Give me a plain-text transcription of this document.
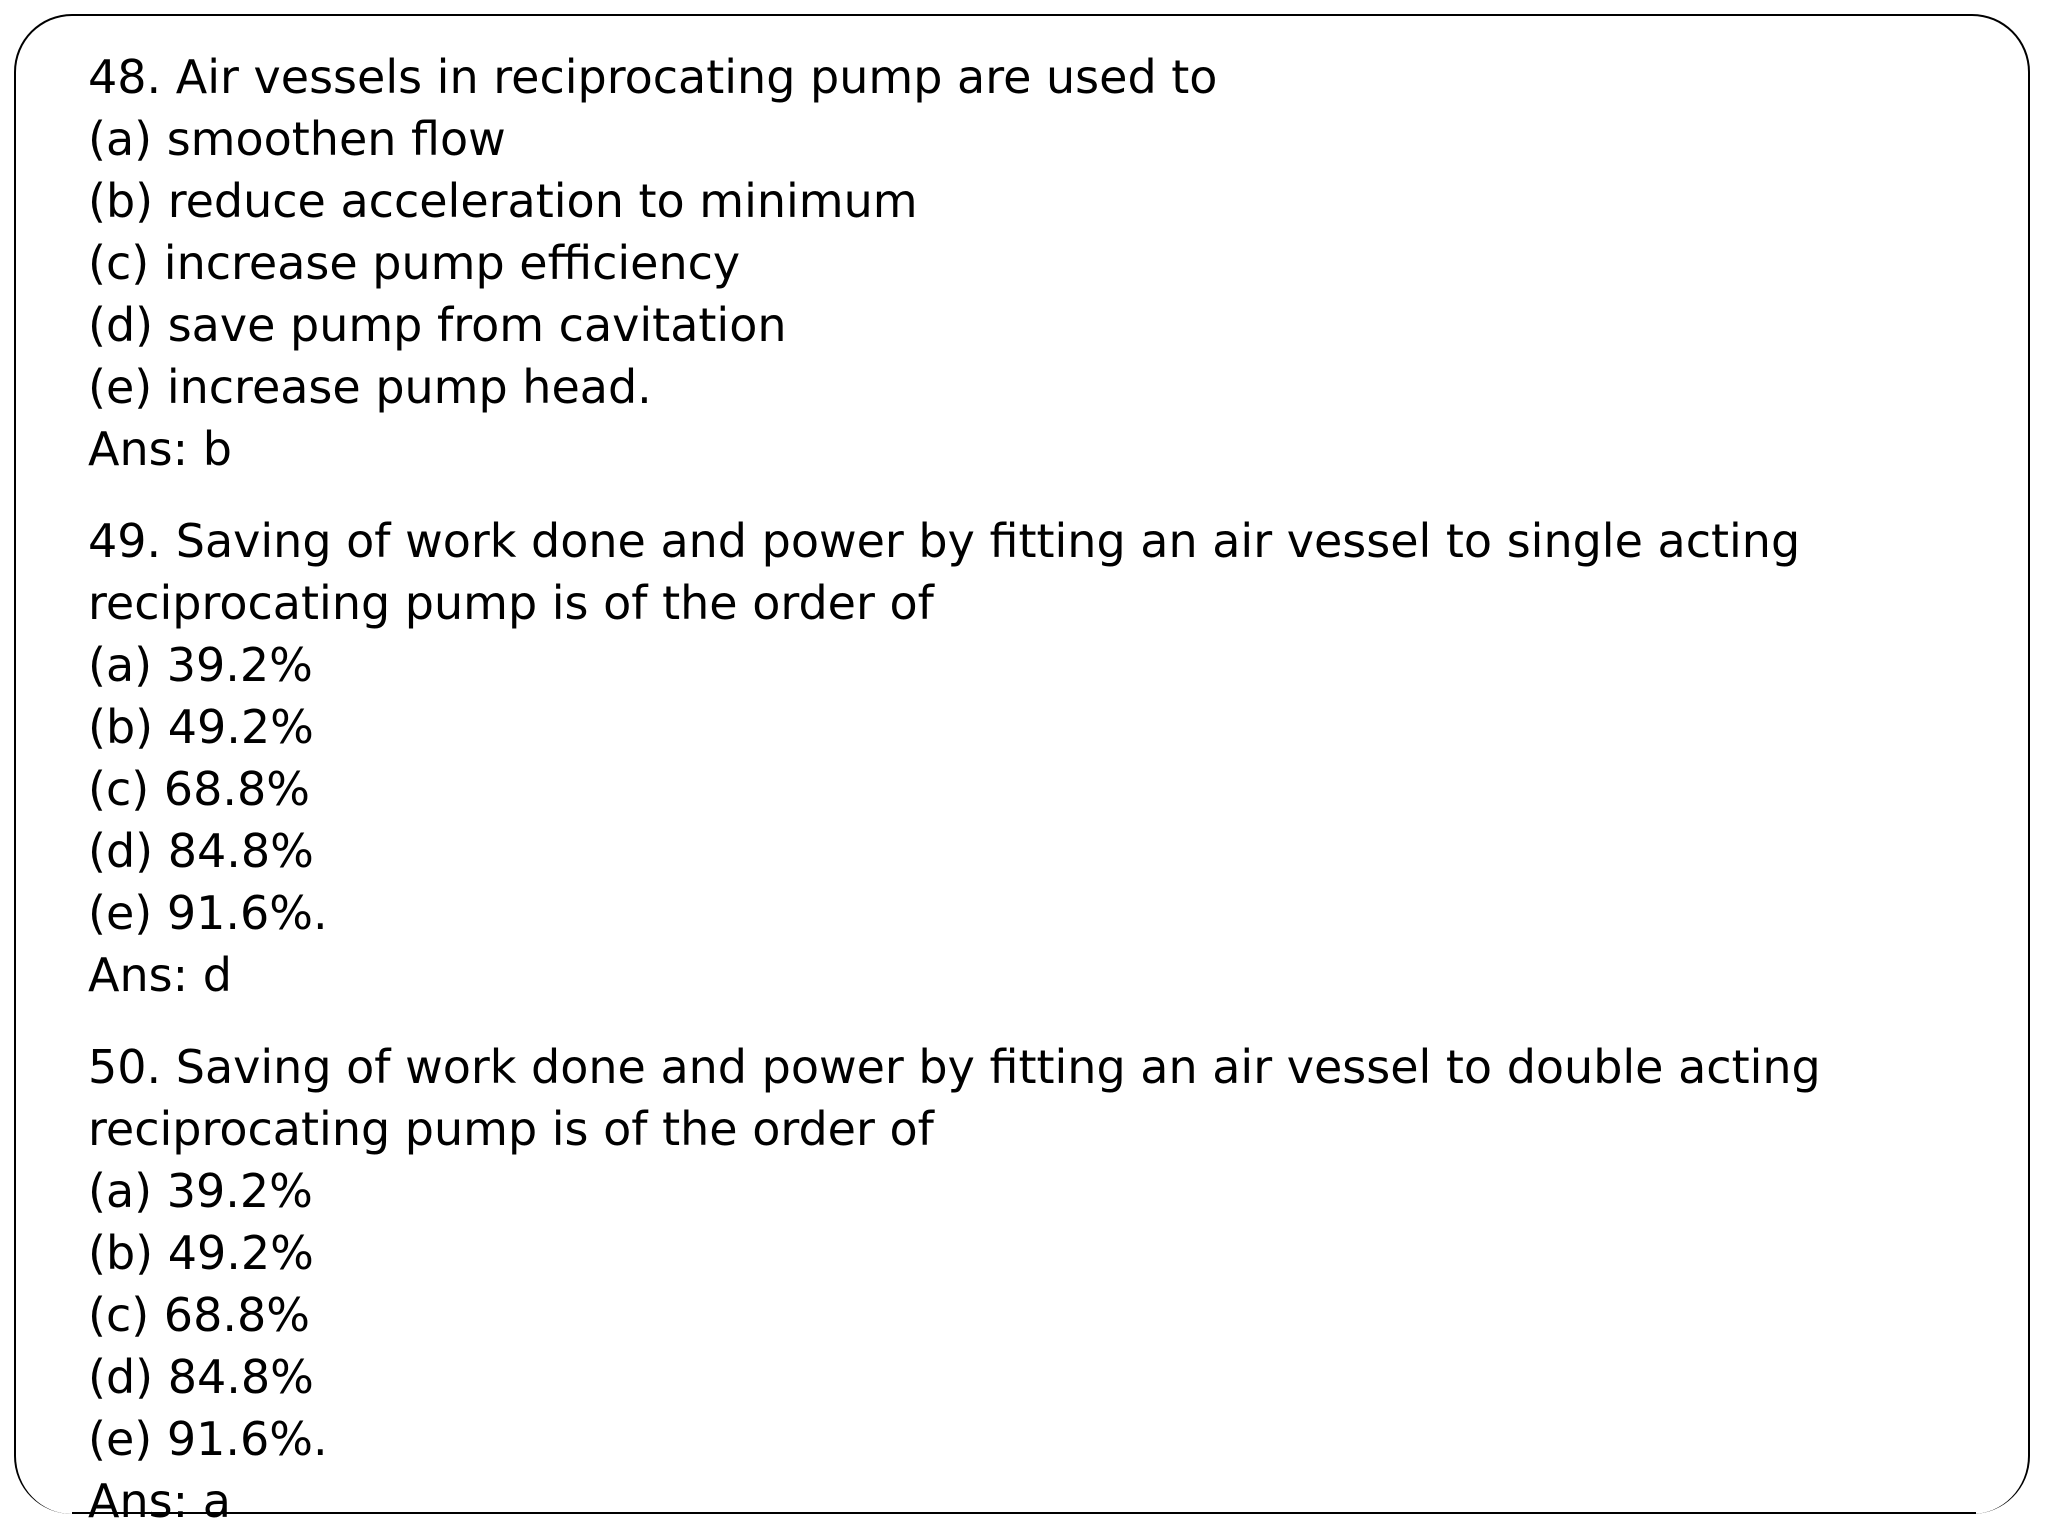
48. Air vessels in reciprocating pump are used to
(a) smoothen flow
(b) reduce acceleration to minimum
(c) increase pump efficiency
(d) save pump from cavitation
(e) increase pump head.
Ans: b
49. Saving of work done and power by fitting an air vessel to single acting
reciprocating pump is of the order of
(a) 39.2%
(b) 49.2%
(c) 68.8%
(d) 84.8%
(e) 91.6%.
Ans: d
50. Saving of work done and power by fitting an air vessel to double acting
reciprocating pump is of the order of
(a) 39.2%
(b) 49.2%
(c) 68.8%
(d) 84.8%
(e) 91.6%.
Ans: a
